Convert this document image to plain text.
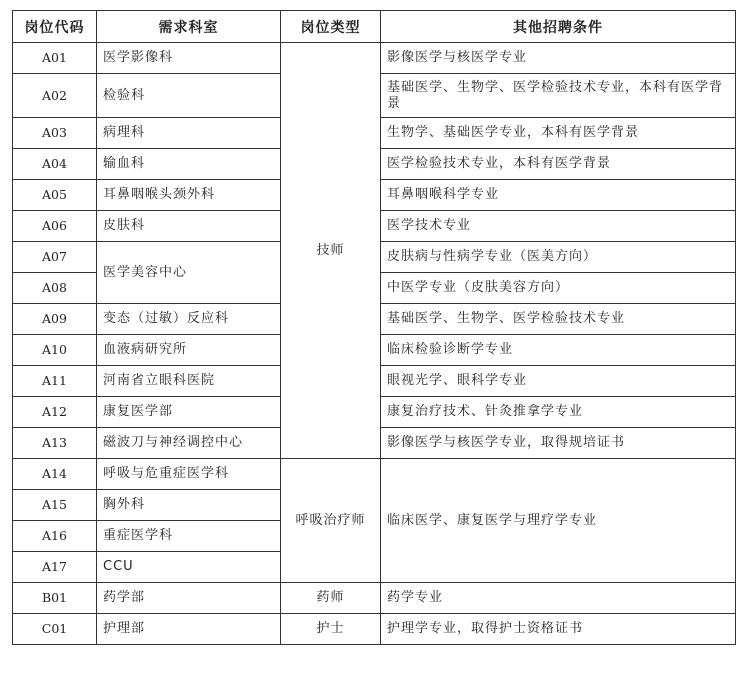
岗位代码	需求科室	岗位类型	其他招聘条件
A01	医学影像科	技师	影像医学与核医学专业
A02	检验科		基础医学、生物学、医学检验技术专业，本科有医学背景
A03	病理科		生物学、基础医学专业，本科有医学背景
A04	输血科		医学检验技术专业，本科有医学背景
A05	耳鼻咽喉头颈外科		耳鼻咽喉科学专业
A06	皮肤科		医学技术专业
A07	医学美容中心		皮肤病与性病学专业（医美方向）
A08			中医学专业（皮肤美容方向）
A09	变态（过敏）反应科		基础医学、生物学、医学检验技术专业
A10	血液病研究所		临床检验诊断学专业
A11	河南省立眼科医院		眼视光学、眼科学专业
A12	康复医学部		康复治疗技术、针灸推拿学专业
A13	磁波刀与神经调控中心		影像医学与核医学专业，取得规培证书
A14	呼吸与危重症医学科	呼吸治疗师	临床医学、康复医学与理疗学专业
A15	胸外科		
A16	重症医学科		
A17	CCU		
B01	药学部	药师	药学专业
C01	护理部	护士	护理学专业，取得护士资格证书
